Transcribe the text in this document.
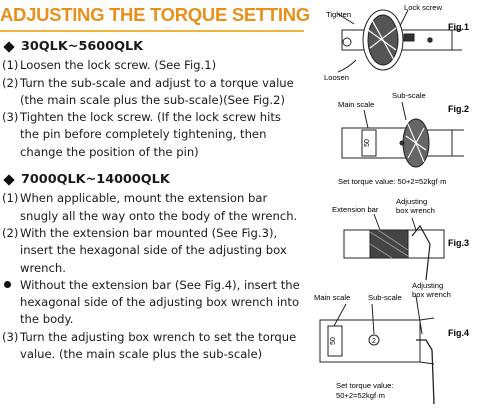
ADJUSTING THE TORQUE SETTING
30QLK~5600QLK
(1) Loosen the lock screw. (See Fig.1)
(2) Turn the sub-scale and adjust to a torque value (the main scale plus the sub-scale)(See Fig.2)
(3) Tighten the lock screw. (If the lock screw hits the pin before completely tightening, then change the position of the pin)
7000QLK~14000QLK
(1) When applicable, mount the extension bar snugly all the way onto the body of the wrench.
(2) With the extension bar mounted (See Fig.3), insert the hexagonal side of the adjusting box wrench.
Without the extension bar (See Fig.4), insert the hexagonal side of the adjusting box wrench into the body.
(3) Turn the adjusting box wrench to set the torque value. (the main scale plus the sub-scale)
Tighten
Lock screw
Loosen
Fig.1
50
Main scale
Sub-scale
Fig.2
Set torque value: 50+2=52kgf·m
Extension bar
Adjusting
box wrench
Fig.3
50	2
Adjusting
box wrench
Main scale Sub-scale
Fig.4
Set torque value:
50+2=52kgf·m
